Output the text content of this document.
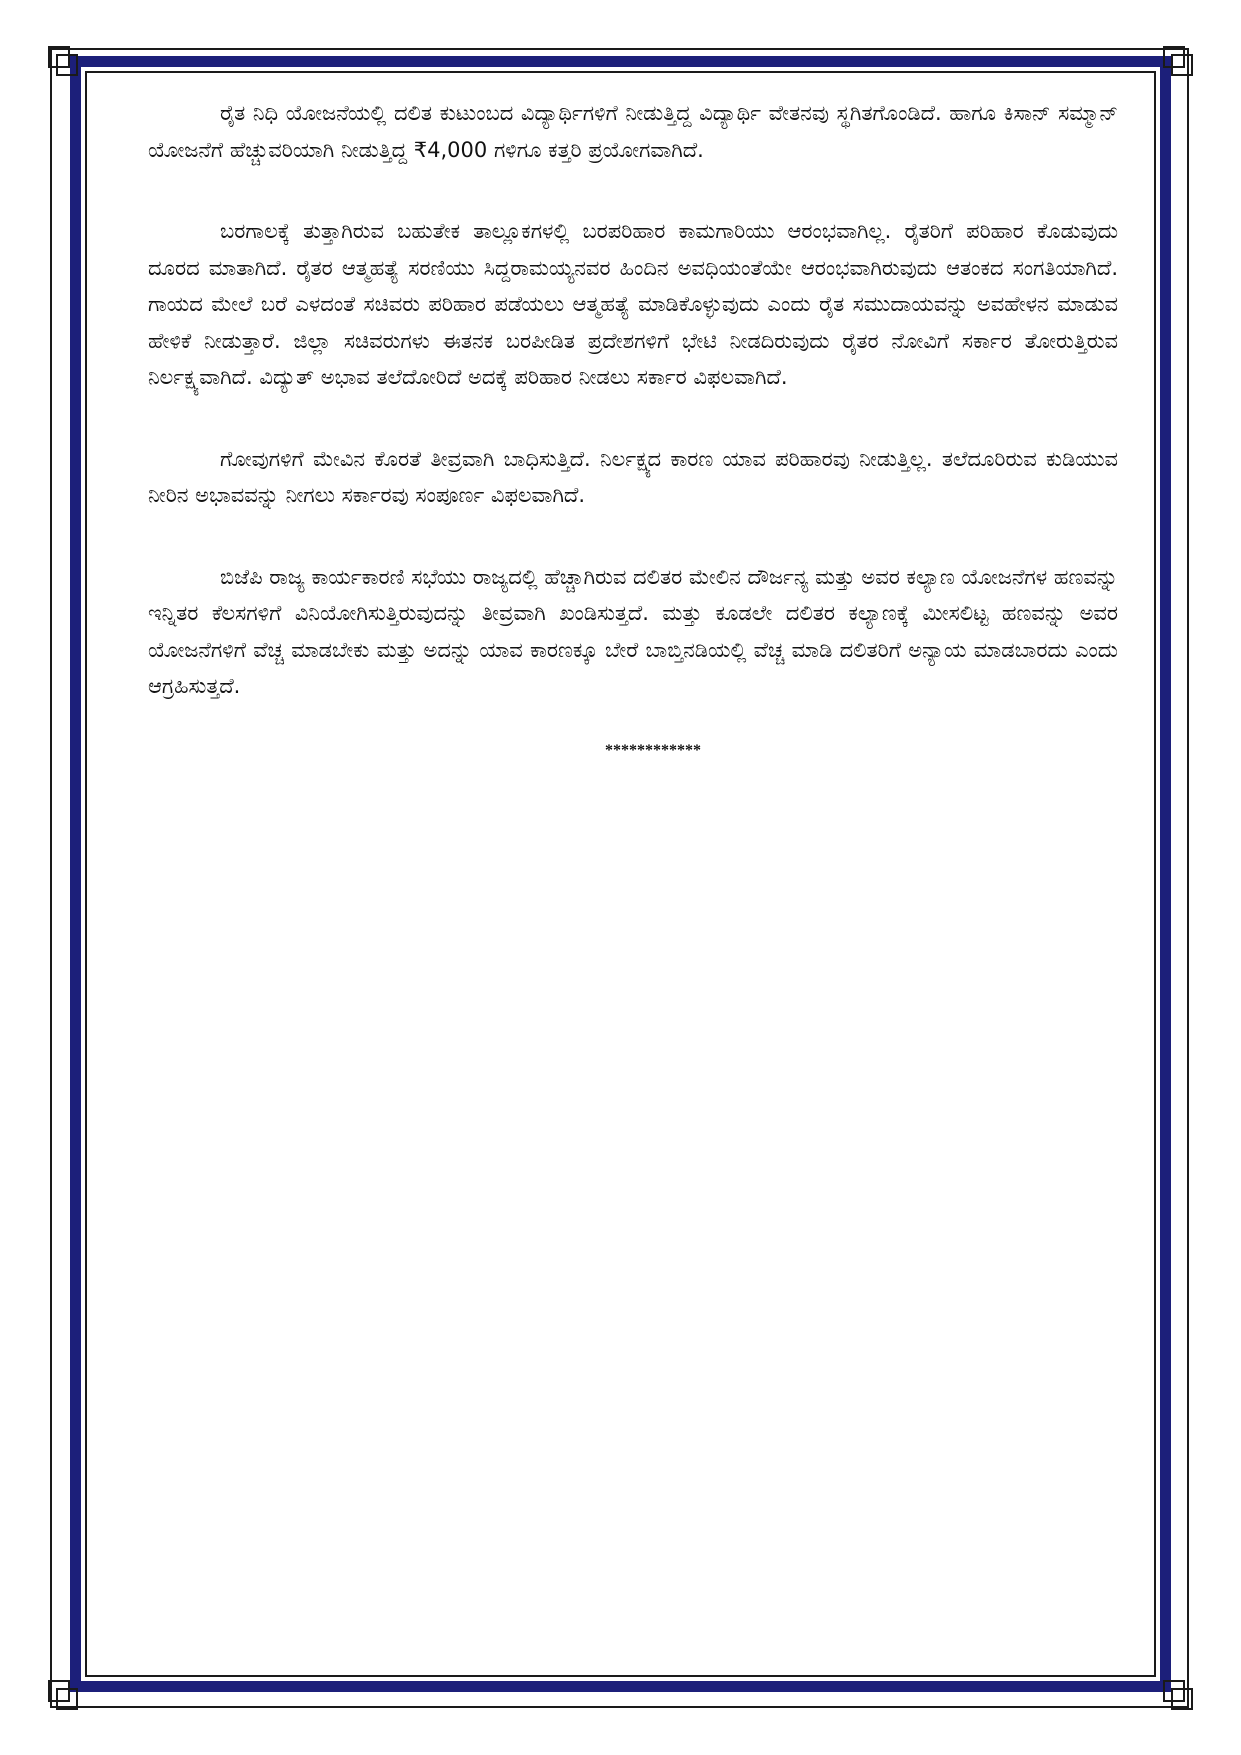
ರೈತ ನಿಧಿ ಯೋಜನೆಯಲ್ಲಿ ದಲಿತ ಕುಟುಂಬದ ವಿದ್ಯಾರ್ಥಿಗಳಿಗೆ ನೀಡುತ್ತಿದ್ದ ವಿದ್ಯಾರ್ಥಿ ವೇತನವು ಸ್ಥಗಿತಗೊಂಡಿದೆ. ಹಾಗೂ ಕಿಸಾನ್ ಸಮ್ಮಾನ್ ಯೋಜನೆಗೆ ಹೆಚ್ಚುವರಿಯಾಗಿ ನೀಡುತ್ತಿದ್ದ ₹4,000 ಗಳಿಗೂ ಕತ್ತರಿ ಪ್ರಯೋಗವಾಗಿದೆ.

ಬರಗಾಲಕ್ಕೆ ತುತ್ತಾಗಿರುವ ಬಹುತೇಕ ತಾಲ್ಲೂಕಗಳಲ್ಲಿ ಬರಪರಿಹಾರ ಕಾಮಗಾರಿಯು ಆರಂಭವಾಗಿಲ್ಲ. ರೈತರಿಗೆ ಪರಿಹಾರ ಕೊಡುವುದು ದೂರದ ಮಾತಾಗಿದೆ. ರೈತರ ಆತ್ಮಹತ್ಯೆ ಸರಣಿಯು ಸಿದ್ದರಾಮಯ್ಯನವರ ಹಿಂದಿನ ಅವಧಿಯಂತೆಯೇ ಆರಂಭವಾಗಿರುವುದು ಆತಂಕದ ಸಂಗತಿಯಾಗಿದೆ. ಗಾಯದ ಮೇಲೆ ಬರೆ ಎಳದಂತೆ ಸಚಿವರು ಪರಿಹಾರ ಪಡೆಯಲು ಆತ್ಮಹತ್ಯೆ ಮಾಡಿಕೊಳ್ಳುವುದು ಎಂದು ರೈತ ಸಮುದಾಯವನ್ನು ಅವಹೇಳನ ಮಾಡುವ ಹೇಳಿಕೆ ನೀಡುತ್ತಾರೆ. ಜಿಲ್ಲಾ ಸಚಿವರುಗಳು ಈತನಕ ಬರಪೀಡಿತ ಪ್ರದೇಶಗಳಿಗೆ ಭೇಟಿ ನೀಡದಿರುವುದು ರೈತರ ನೋವಿಗೆ ಸರ್ಕಾರ ತೋರುತ್ತಿರುವ ನಿರ್ಲಕ್ಷ್ಯವಾಗಿದೆ. ವಿದ್ಯುತ್ ಅಭಾವ ತಲೆದೋರಿದೆ ಅದಕ್ಕೆ ಪರಿಹಾರ ನೀಡಲು ಸರ್ಕಾರ ವಿಫಲವಾಗಿದೆ.

ಗೋವುಗಳಿಗೆ ಮೇವಿನ ಕೊರತೆ ತೀವ್ರವಾಗಿ ಬಾಧಿಸುತ್ತಿದೆ. ನಿರ್ಲಕ್ಷ್ಯದ ಕಾರಣ ಯಾವ ಪರಿಹಾರವು ನೀಡುತ್ತಿಲ್ಲ. ತಲೆದೂರಿರುವ ಕುಡಿಯುವ ನೀರಿನ ಅಭಾವವನ್ನು ನೀಗಲು ಸರ್ಕಾರವು ಸಂಪೂರ್ಣ ವಿಫಲವಾಗಿದೆ.

ಬಿಜೆಪಿ ರಾಜ್ಯ ಕಾರ್ಯಕಾರಣಿ ಸಭೆಯು ರಾಜ್ಯದಲ್ಲಿ ಹೆಚ್ಚಾಗಿರುವ ದಲಿತರ ಮೇಲಿನ ದೌರ್ಜನ್ಯ ಮತ್ತು ಅವರ ಕಲ್ಯಾಣ ಯೋಜನೆಗಳ ಹಣವನ್ನು ಇನ್ನಿತರ ಕೆಲಸಗಳಿಗೆ ವಿನಿಯೋಗಿಸುತ್ತಿರುವುದನ್ನು ತೀವ್ರವಾಗಿ ಖಂಡಿಸುತ್ತದೆ. ಮತ್ತು ಕೂಡಲೇ ದಲಿತರ ಕಲ್ಯಾಣಕ್ಕೆ ಮೀಸಲಿಟ್ಟ ಹಣವನ್ನು ಅವರ ಯೋಜನೆಗಳಿಗೆ ವೆಚ್ಚ ಮಾಡಬೇಕು ಮತ್ತು ಅದನ್ನು ಯಾವ ಕಾರಣಕ್ಕೂ ಬೇರೆ ಬಾಬ್ತಿನಡಿಯಲ್ಲಿ ವೆಚ್ಚ ಮಾಡಿ ದಲಿತರಿಗೆ ಅನ್ಯಾಯ ಮಾಡಬಾರದು ಎಂದು ಆಗ್ರಹಿಸುತ್ತದೆ.

************
